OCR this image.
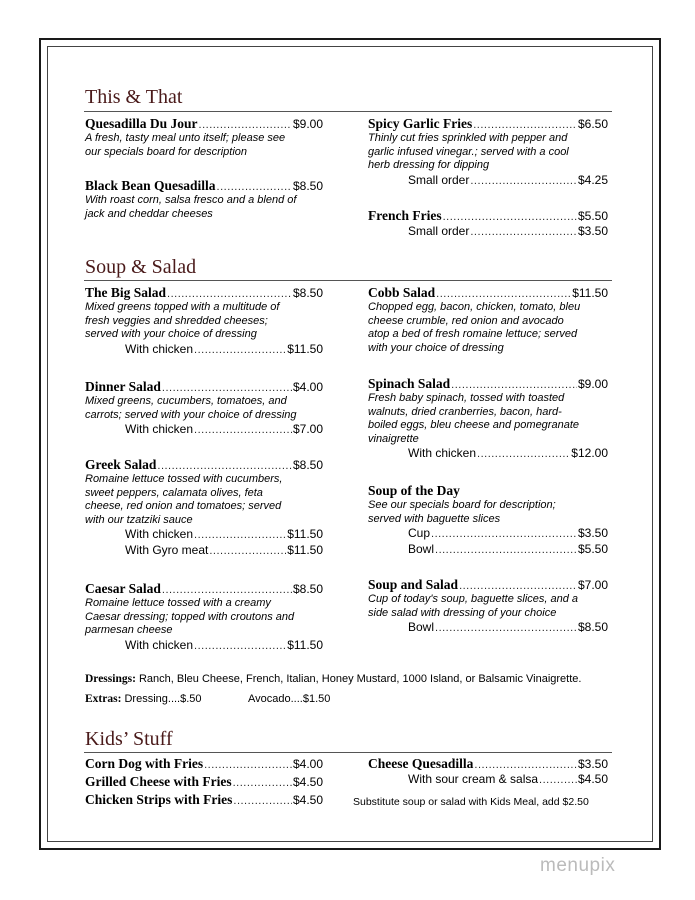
This & That
Quesadilla Du Jour .....	$9.00
A fresh, tasty meal unto itself; please see
our specials board for description
Black Bean Quesadilla .....	$8.50
With roast corn, salsa fresco and a blend of
jack and cheddar cheeses
Spicy Garlic Fries .....	$6.50
Thinly cut fries sprinkled with pepper and
garlic infused vinegar.; served with a cool
herb dressing for dipping
Small order .....	$4.25
French Fries .....	$5.50
Small order .....	$3.50
Soup & Salad
The Big Salad .....	$8.50
Mixed greens topped with a multitude of
fresh veggies and shredded cheeses;
served with your choice of dressing
With chicken .....	$11.50
Dinner Salad .....	$4.00
Mixed greens, cucumbers, tomatoes, and
carrots; served with your choice of dressing
With chicken .....	$7.00
Greek Salad .....	$8.50
Romaine lettuce tossed with cucumbers,
sweet peppers, calamata olives, feta
cheese, red onion and tomatoes; served
with our tzatziki sauce
With chicken .....	$11.50
With Gyro meat .....	$11.50
Caesar Salad .....	$8.50
Romaine lettuce tossed with a creamy
Caesar dressing; topped with croutons and
parmesan cheese
With chicken .....	$11.50
Cobb Salad .....	$11.50
Chopped egg, bacon, chicken, tomato, bleu
cheese crumble, red onion and avocado
atop a bed of fresh romaine lettuce; served
with your choice of dressing
Spinach Salad .....	$9.00
Fresh baby spinach, tossed with toasted
walnuts, dried cranberries, bacon, hard-
boiled eggs, bleu cheese and pomegranate
vinaigrette
With chicken .....	$12.00
Soup of the Day
See our specials board for description;
served with baguette slices
Cup .....	$3.50
Bowl .....	$5.50
Soup and Salad .....	$7.00
Cup of today's soup, baguette slices, and a
side salad with dressing of your choice
Bowl .....	$8.50
Dressings: Ranch, Bleu Cheese, French, Italian, Honey Mustard, 1000 Island, or Balsamic Vinaigrette.
Extras: Dressing....$.50	Avocado....$1.50
Kids’ Stuff
Corn Dog with Fries .....	$4.00
Grilled Cheese with Fries .....	$4.50
Chicken Strips with Fries .....	$4.50
Cheese Quesadilla .....	$3.50
With sour cream & salsa .....	$4.50
Substitute soup or salad with Kids Meal, add $2.50
menupix
